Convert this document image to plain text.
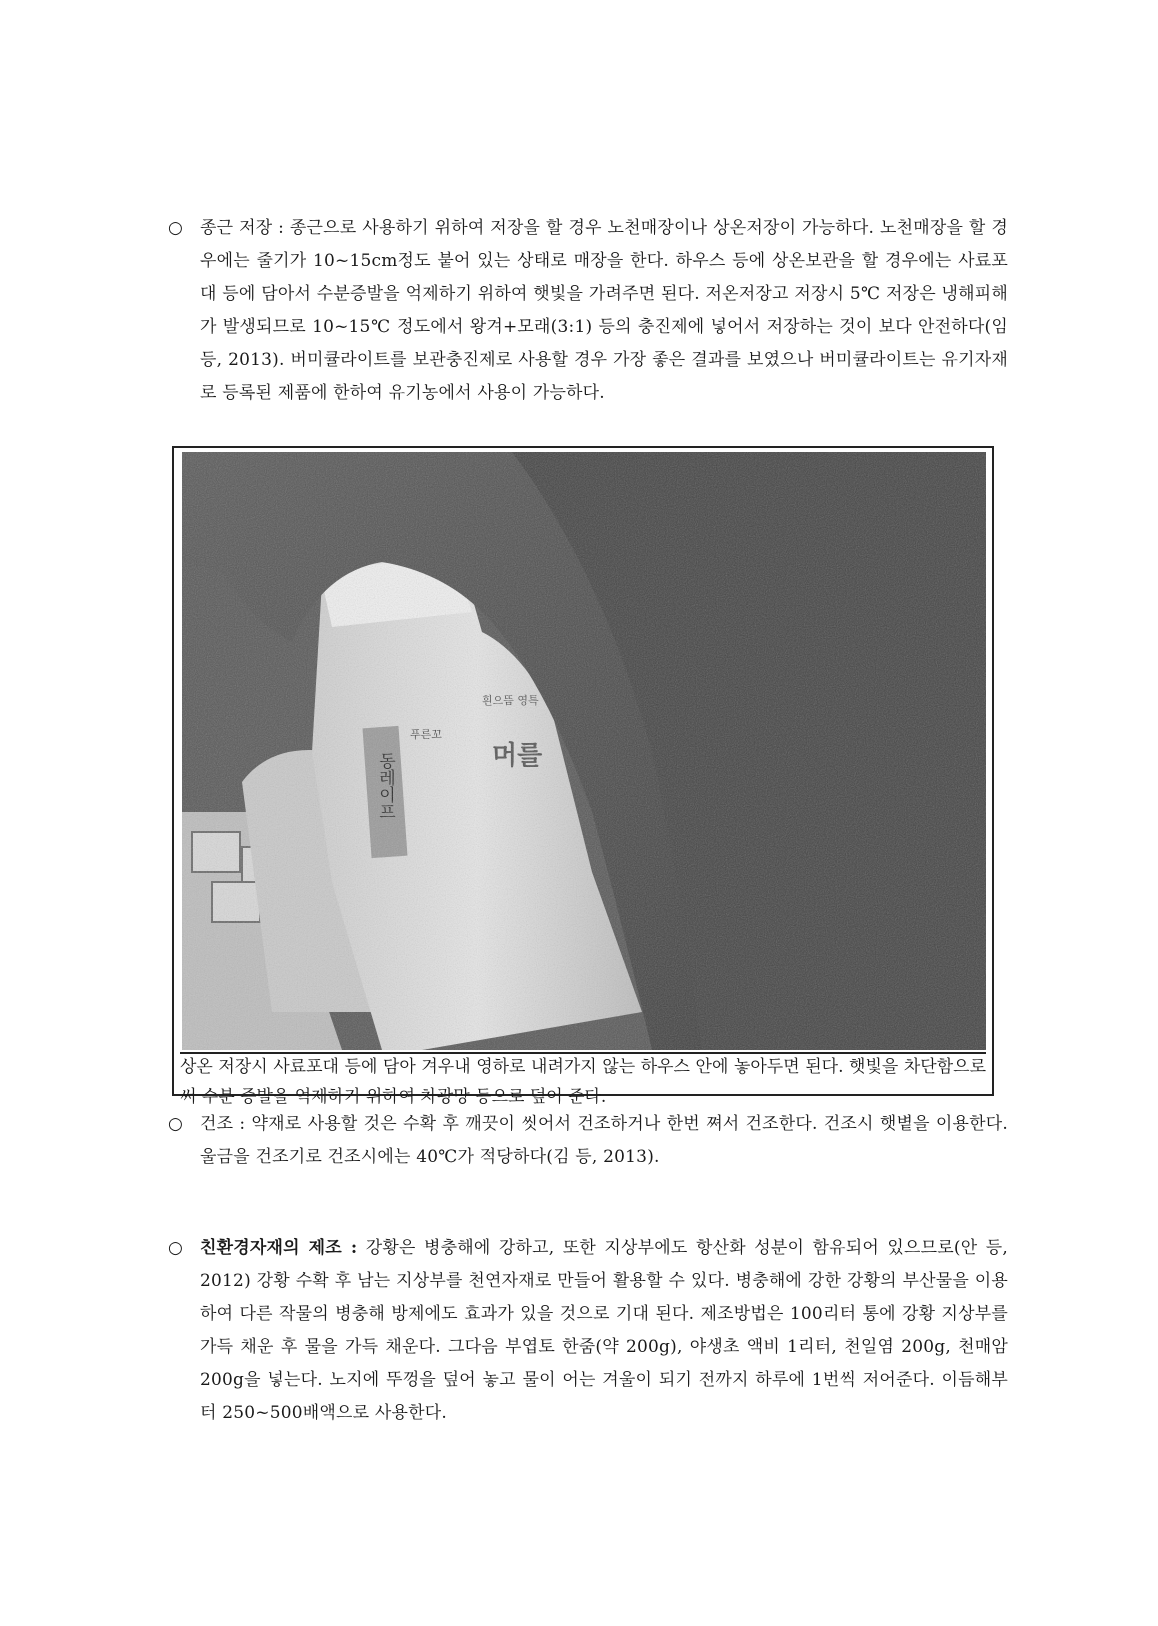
○ 종근 저장 : 종근으로 사용하기 위하여 저장을 할 경우 노천매장이나 상온저장이 가능하다. 노천매장을 할 경우에는 줄기가 10~15cm정도 붙어 있는 상태로 매장을 한다. 하우스 등에 상온보관을 할 경우에는 사료포대 등에 담아서 수분증발을 억제하기 위하여 햇빛을 가려주면 된다. 저온저장고 저장시 5℃ 저장은 냉해피해가 발생되므로 10~15℃ 정도에서 왕겨+모래(3:1) 등의 충진제에 넣어서 저장하는 것이 보다 안전하다(임 등, 2013). 버미큘라이트를 보관충진제로 사용할 경우 가장 좋은 결과를 보였으나 버미큘라이트는 유기자재로 등록된 제품에 한하여 유기농에서 사용이 가능하다.
상온 저장시 사료포대 등에 담아 겨우내 영하로 내려가지 않는 하우스 안에 놓아두면 된다. 햇빛을 차단함으로써 수분 증발을 억제하기 위하여 차광망 등으로 덮어 준다.
○ 건조 : 약재로 사용할 것은 수확 후 깨끗이 씻어서 건조하거나 한번 쪄서 건조한다. 건조시 햇볕을 이용한다. 울금을 건조기로 건조시에는 40℃가 적당하다(김 등, 2013).
○ 친환경자재의 제조 : 강황은 병충해에 강하고, 또한 지상부에도 항산화 성분이 함유되어 있으므로(안 등, 2012) 강황 수확 후 남는 지상부를 천연자재로 만들어 활용할 수 있다. 병충해에 강한 강황의 부산물을 이용하여 다른 작물의 병충해 방제에도 효과가 있을 것으로 기대 된다. 제조방법은 100리터 통에 강황 지상부를 가득 채운 후 물을 가득 채운다. 그다음 부엽토 한줌(약 200g), 야생초 액비 1리터, 천일염 200g, 천매암 200g을 넣는다. 노지에 뚜껑을 덮어 놓고 물이 어는 겨울이 되기 전까지 하루에 1번씩 저어준다. 이듬해부터 250~500배액으로 사용한다.
